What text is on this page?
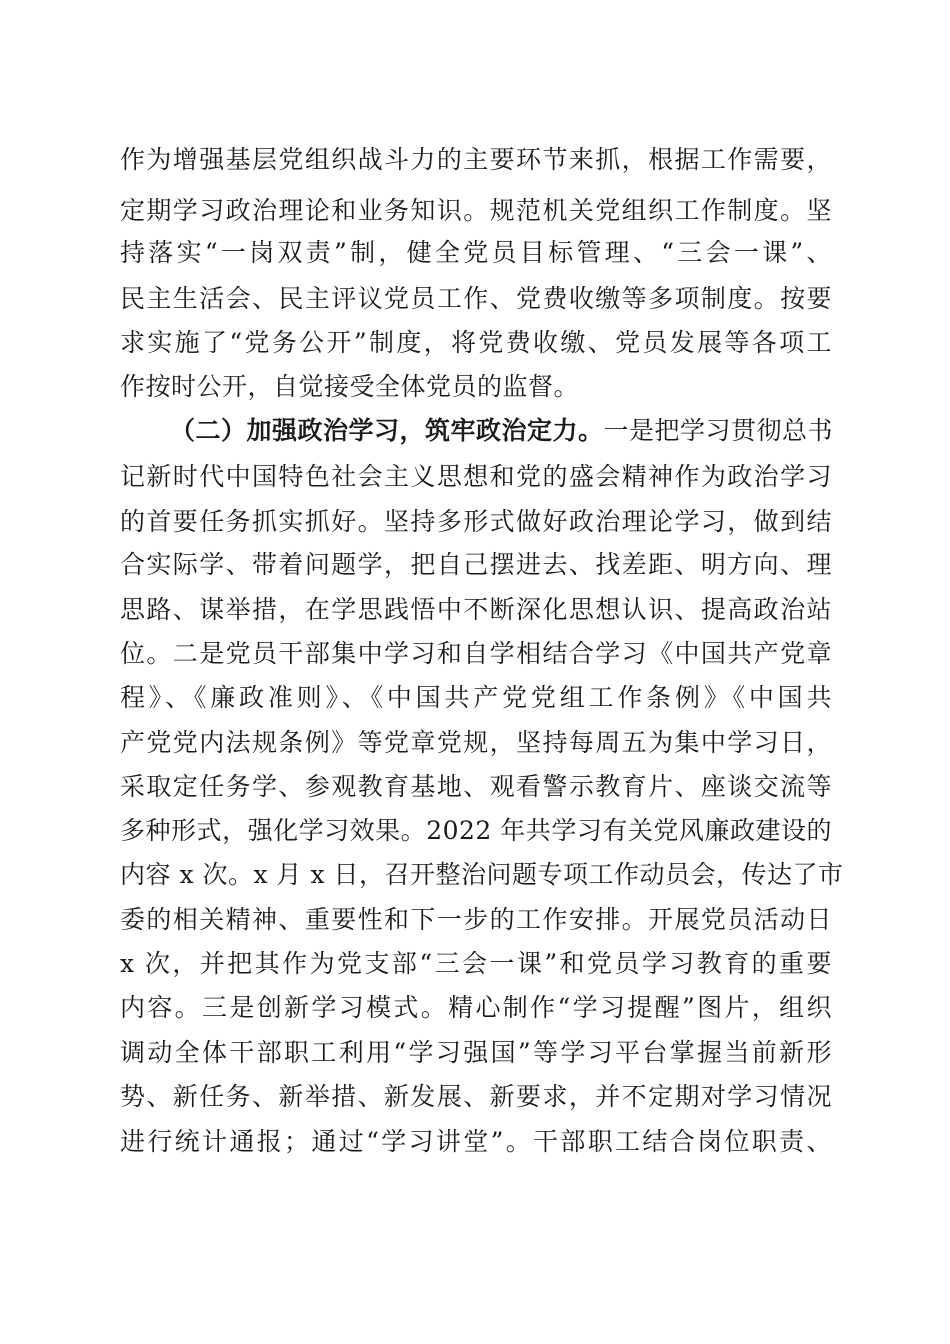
作为增强基层党组织战斗力的主要环节来抓，根据工作需要，
定期学习政治理论和业务知识。规范机关党组织工作制度。坚
持落实“一岗双责”制，健全党员目标管理、“三会一课”、
民主生活会、民主评议党员工作、党费收缴等多项制度。按要
求实施了“党务公开”制度，将党费收缴、党员发展等各项工
作按时公开，自觉接受全体党员的监督。
（二）加强政治学习，筑牢政治定力。一是把学习贯彻总书
记新时代中国特色社会主义思想和党的盛会精神作为政治学习
的首要任务抓实抓好。坚持多形式做好政治理论学习，做到结
合实际学、带着问题学，把自己摆进去、找差距、明方向、理
思路、谋举措，在学思践悟中不断深化思想认识、提高政治站
位。二是党员干部集中学习和自学相结合学习《中国共产党章
程》、《廉政准则》、《中国共产党党组工作条例》《中国共
产党党内法规条例》等党章党规，坚持每周五为集中学习日，
采取定任务学、参观教育基地、观看警示教育片、座谈交流等
多种形式，强化学习效果。2022 年共学习有关党风廉政建设的
内容 x 次。x 月 x 日，召开整治问题专项工作动员会，传达了市
委的相关精神、重要性和下一步的工作安排。开展党员活动日
x 次，并把其作为党支部“三会一课”和党员学习教育的重要
内容。三是创新学习模式。精心制作“学习提醒”图片，组织
调动全体干部职工利用“学习强国”等学习平台掌握当前新形
势、新任务、新举措、新发展、新要求，并不定期对学习情况
进行统计通报；通过“学习讲堂”。干部职工结合岗位职责、
